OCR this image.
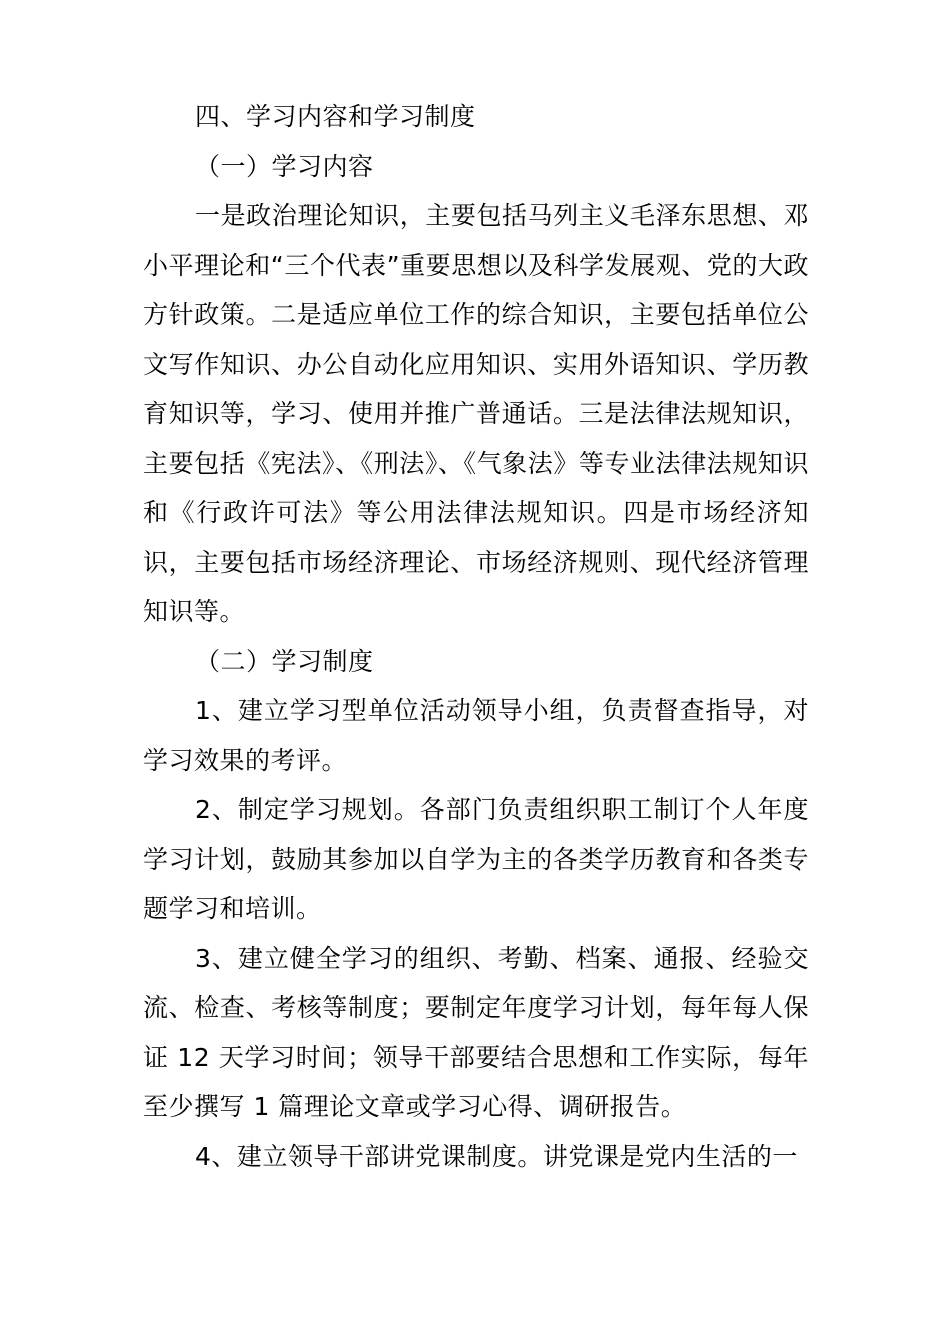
四、学习内容和学习制度

（一）学习内容

一是政治理论知识，主要包括马列主义毛泽东思想、邓小平理论和“三个代表”重要思想以及科学发展观、党的大政方针政策。二是适应单位工作的综合知识，主要包括单位公文写作知识、办公自动化应用知识、实用外语知识、学历教育知识等，学习、使用并推广普通话。三是法律法规知识，主要包括《宪法》、《刑法》、《气象法》等专业法律法规知识和《行政许可法》等公用法律法规知识。四是市场经济知识，主要包括市场经济理论、市场经济规则、现代经济管理知识等。

（二）学习制度

1、建立学习型单位活动领导小组，负责督查指导，对学习效果的考评。

2、制定学习规划。各部门负责组织职工制订个人年度学习计划，鼓励其参加以自学为主的各类学历教育和各类专题学习和培训。

3、建立健全学习的组织、考勤、档案、通报、经验交流、检查、考核等制度；要制定年度学习计划，每年每人保证 12 天学习时间；领导干部要结合思想和工作实际，每年至少撰写 1 篇理论文章或学习心得、调研报告。

4、建立领导干部讲党课制度。讲党课是党内生活的一
